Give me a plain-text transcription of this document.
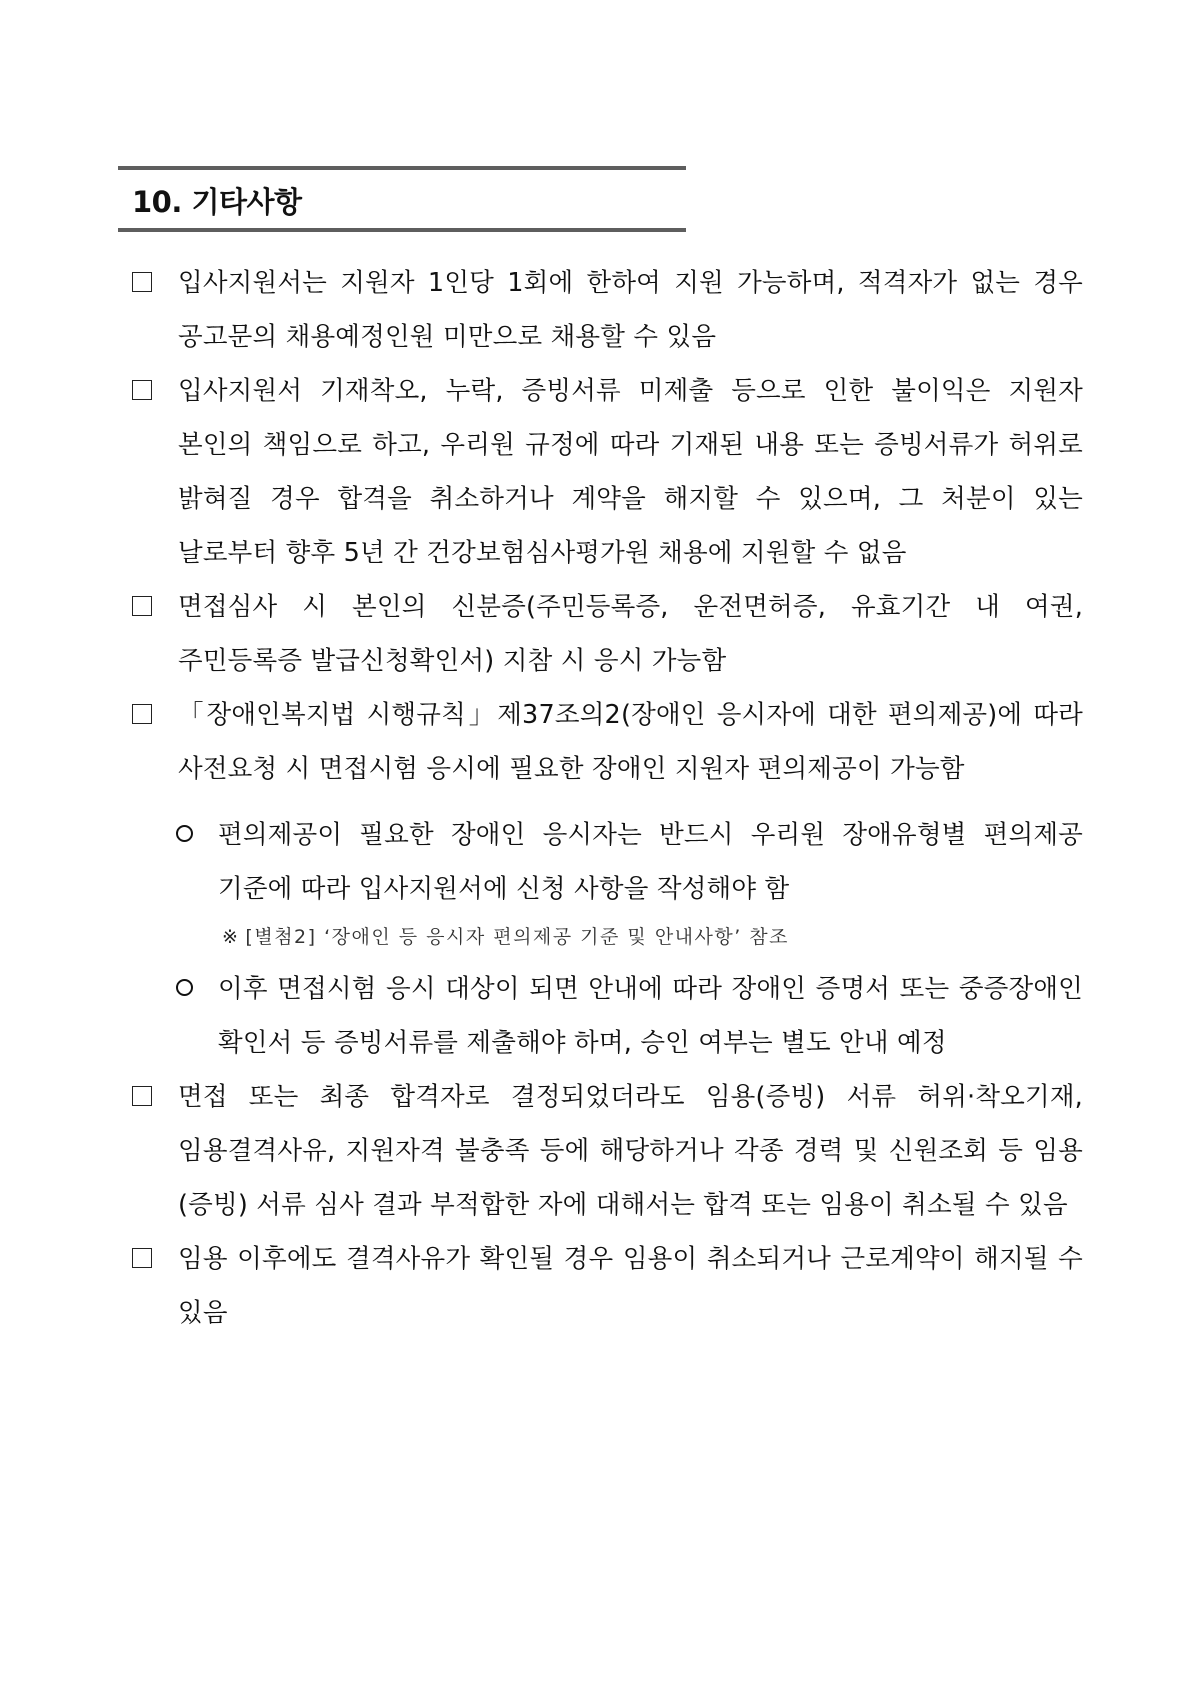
10. 기타사항
입사지원서는 지원자 1인당 1회에 한하여 지원 가능하며, 적격자가 없는 경우 공고문의 채용예정인원 미만으로 채용할 수 있음
입사지원서 기재착오, 누락, 증빙서류 미제출 등으로 인한 불이익은 지원자 본인의 책임으로 하고, 우리원 규정에 따라 기재된 내용 또는 증빙서류가 허위로 밝혀질 경우 합격을 취소하거나 계약을 해지할 수 있으며, 그 처분이 있는 날로부터 향후 5년 간 건강보험심사평가원 채용에 지원할 수 없음
면접심사 시 본인의 신분증(주민등록증, 운전면허증, 유효기간 내 여권, 주민등록증 발급신청확인서) 지참 시 응시 가능함
「장애인복지법 시행규칙」제37조의2(장애인 응시자에 대한 편의제공)에 따라 사전요청 시 면접시험 응시에 필요한 장애인 지원자 편의제공이 가능함
편의제공이 필요한 장애인 응시자는 반드시 우리원 장애유형별 편의제공 기준에 따라 입사지원서에 신청 사항을 작성해야 함
※ [별첨2] ‘장애인 등 응시자 편의제공 기준 및 안내사항’ 참조
이후 면접시험 응시 대상이 되면 안내에 따라 장애인 증명서 또는 중증장애인 확인서 등 증빙서류를 제출해야 하며, 승인 여부는 별도 안내 예정
면접 또는 최종 합격자로 결정되었더라도 임용(증빙) 서류 허위·착오기재, 임용결격사유, 지원자격 불충족 등에 해당하거나 각종 경력 및 신원조회 등 임용(증빙) 서류 심사 결과 부적합한 자에 대해서는 합격 또는 임용이 취소될 수 있음
임용 이후에도 결격사유가 확인될 경우 임용이 취소되거나 근로계약이 해지될 수 있음
